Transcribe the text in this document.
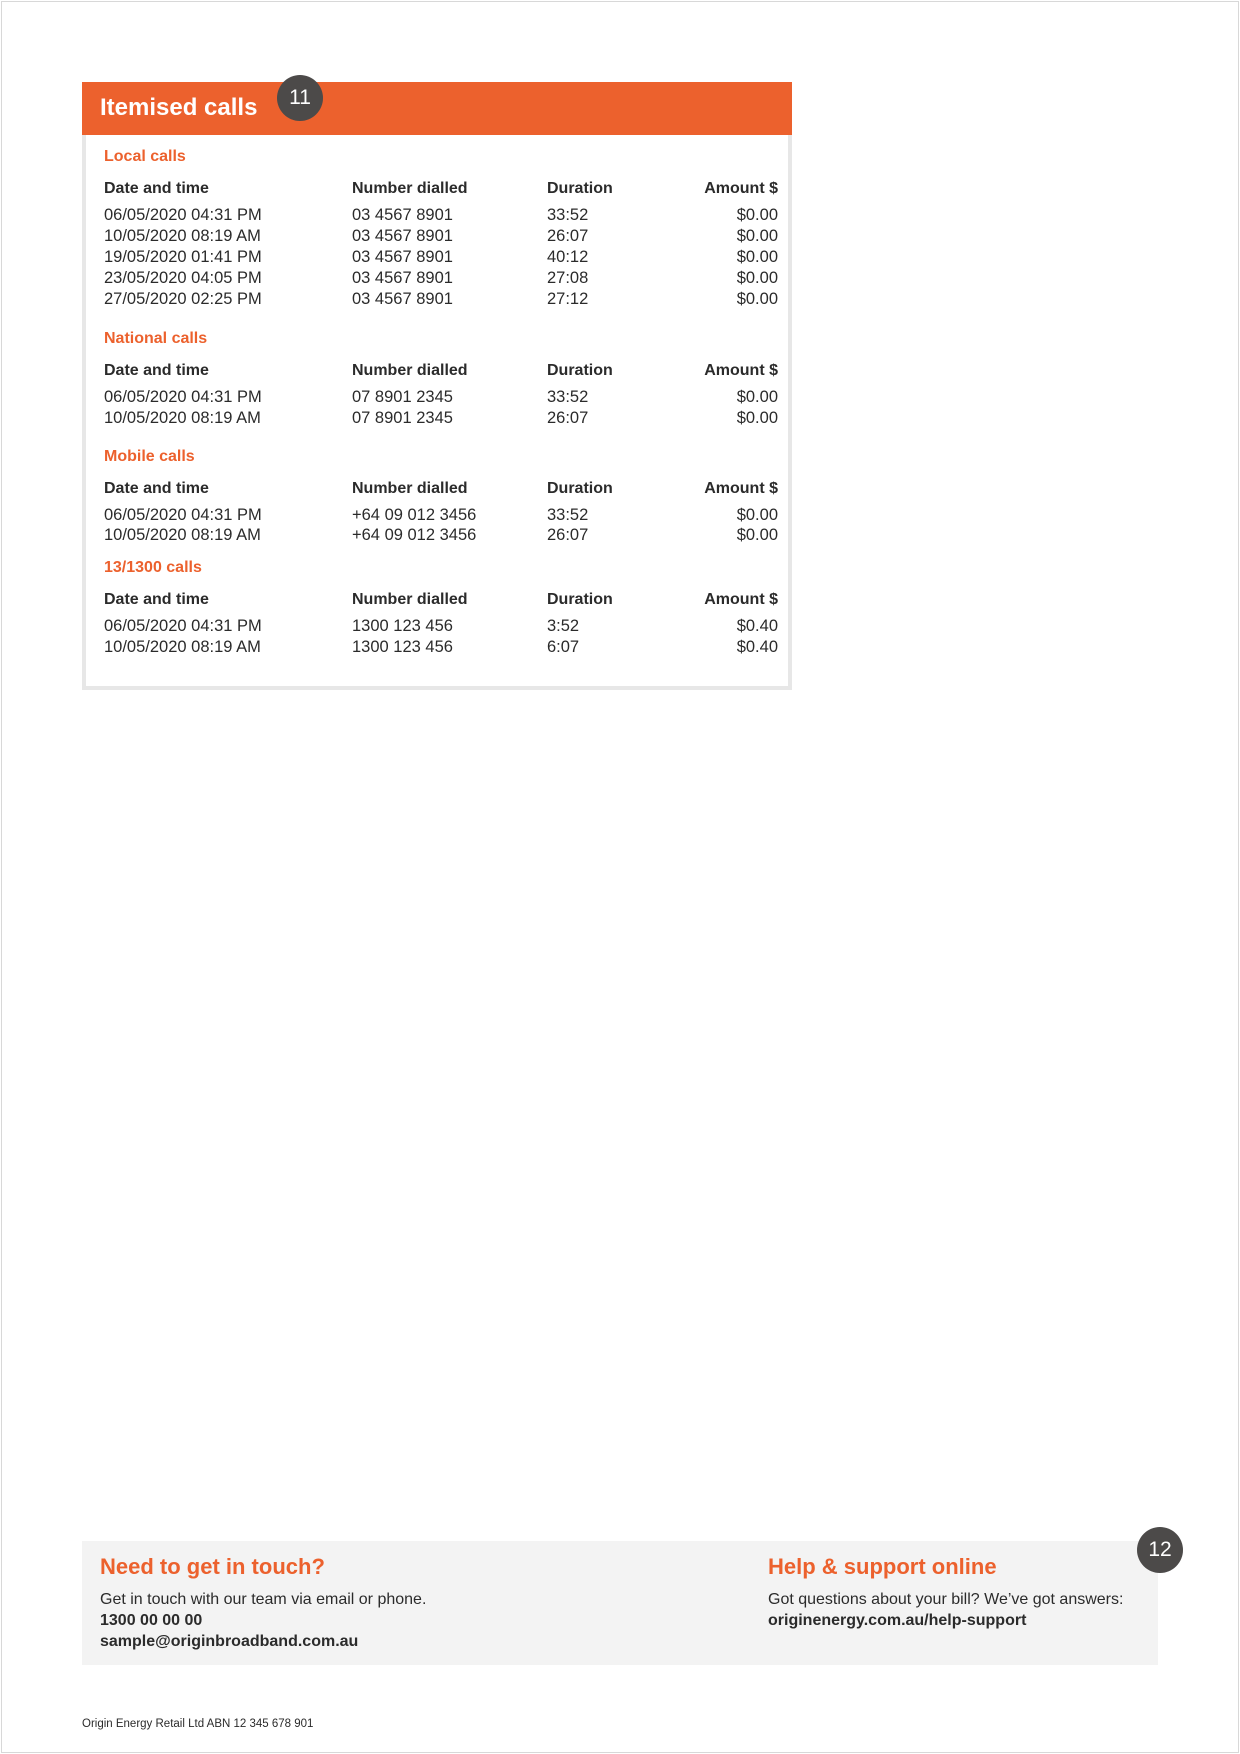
Itemised calls
Local calls
Date and time	Number dialled	Duration	Amount $
06/05/2020 04:31 PM	03 4567 8901	33:52	$0.00
10/05/2020 08:19 AM	03 4567 8901	26:07	$0.00
19/05/2020 01:41 PM	03 4567 8901	40:12	$0.00
23/05/2020 04:05 PM	03 4567 8901	27:08	$0.00
27/05/2020 02:25 PM	03 4567 8901	27:12	$0.00
National calls
Date and time	Number dialled	Duration	Amount $
06/05/2020 04:31 PM	07 8901 2345	33:52	$0.00
10/05/2020 08:19 AM	07 8901 2345	26:07	$0.00
Mobile calls
Date and time	Number dialled	Duration	Amount $
06/05/2020 04:31 PM	+64 09 012 3456	33:52	$0.00
10/05/2020 08:19 AM	+64 09 012 3456	26:07	$0.00
13/1300 calls
Date and time	Number dialled	Duration	Amount $
06/05/2020 04:31 PM	1300 123 456	3:52	$0.40
10/05/2020 08:19 AM	1300 123 456	6:07	$0.40
11
Need to get in touch?
Get in touch with our team via email or phone.
1300 00 00 00
sample@originbroadband.com.au
Help & support online
Got questions about your bill? We’ve got answers:
originenergy.com.au/help-support
12
Origin Energy Retail Ltd ABN 12 345 678 901
